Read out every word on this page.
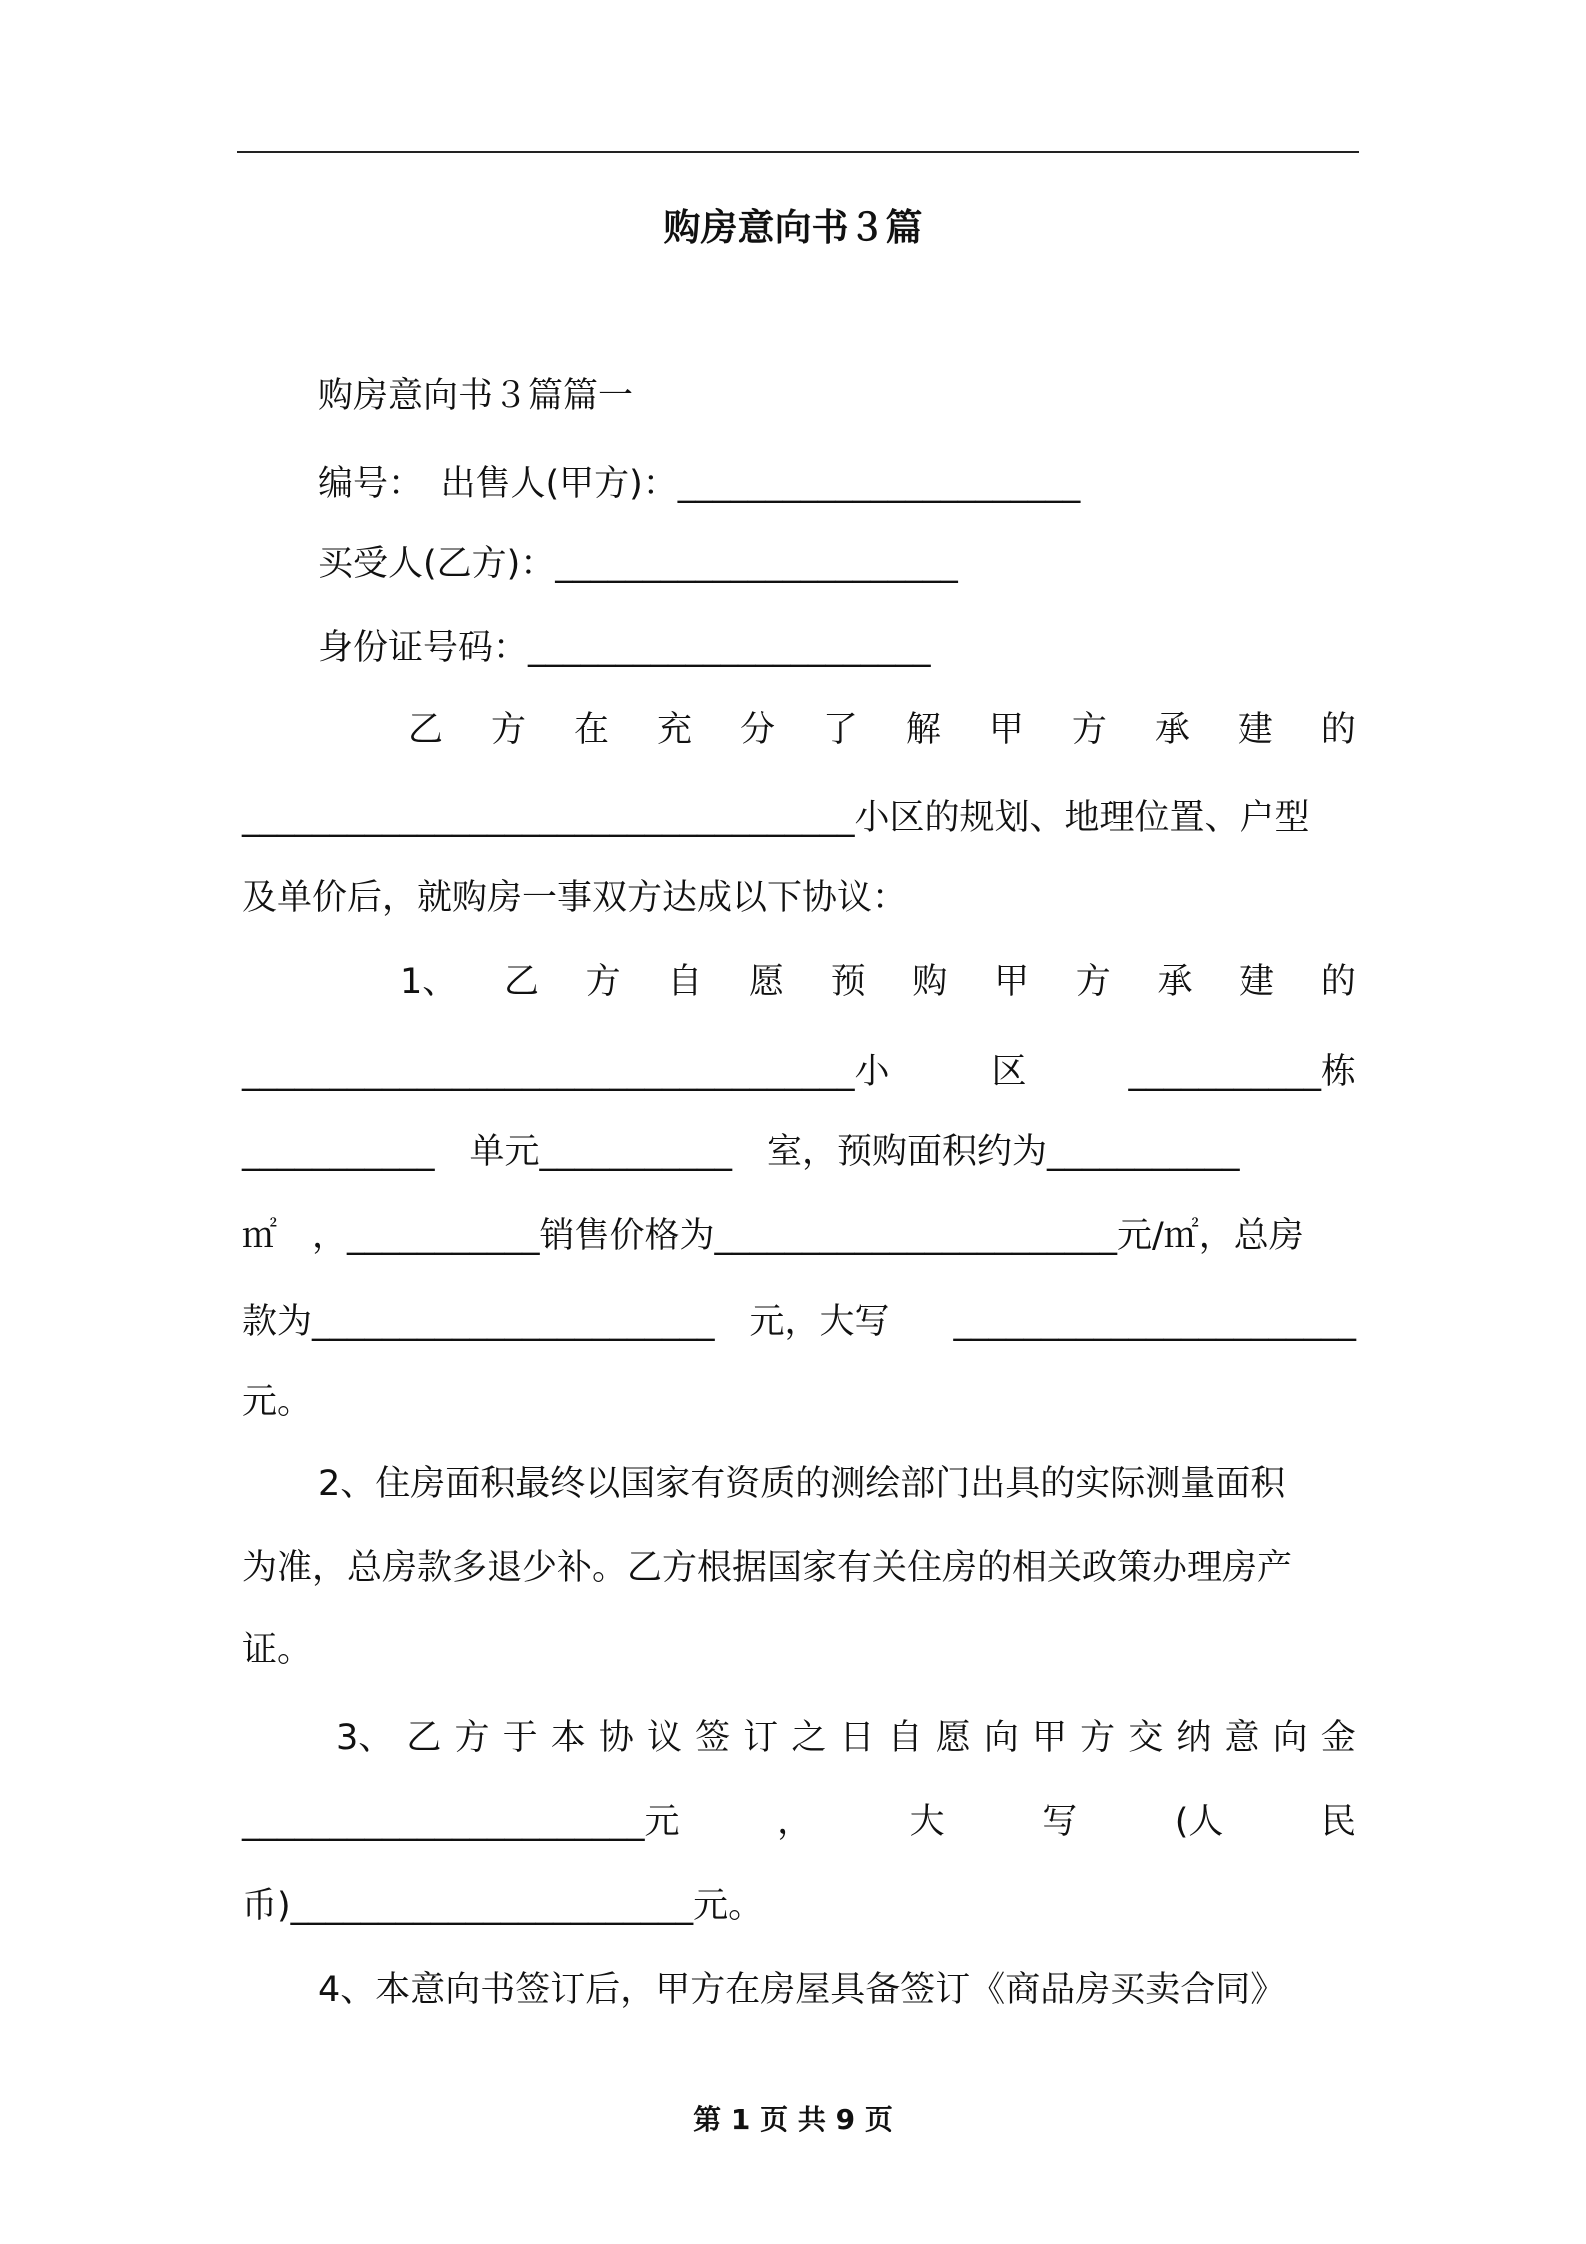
购房意向书３篇
购房意向书３篇篇一
编号：　出售人(甲方)：_______________________
买受人(乙方)：_______________________
身份证号码：_______________________
乙 方 在 充 分 了 解 甲 方 承 建 的
___________________________________小区的规划、地理位置、户型
及单价后，就购房一事双方达成以下协议：
1、 乙 方 自 愿 预 购 甲 方 承 建 的
___________________________________小	区	___________栋
___________　单元___________　室，预购面积约为___________
㎡　，___________销售价格为_______________________元/㎡，总房
款为_______________________　元，大写 _______________________
元。
2、住房面积最终以国家有资质的测绘部门出具的实际测量面积
为准，总房款多退少补。乙方根据国家有关住房的相关政策办理房产
证。
3、 乙 方 于 本 协 议 签 订 之 日 自 愿 向 甲 方 交 纳 意 向 金
_______________________元	，	大	写	(人	民
币)_______________________元。
4、本意向书签订后，甲方在房屋具备签订《商品房买卖合同》
第 1 页 共 9 页
